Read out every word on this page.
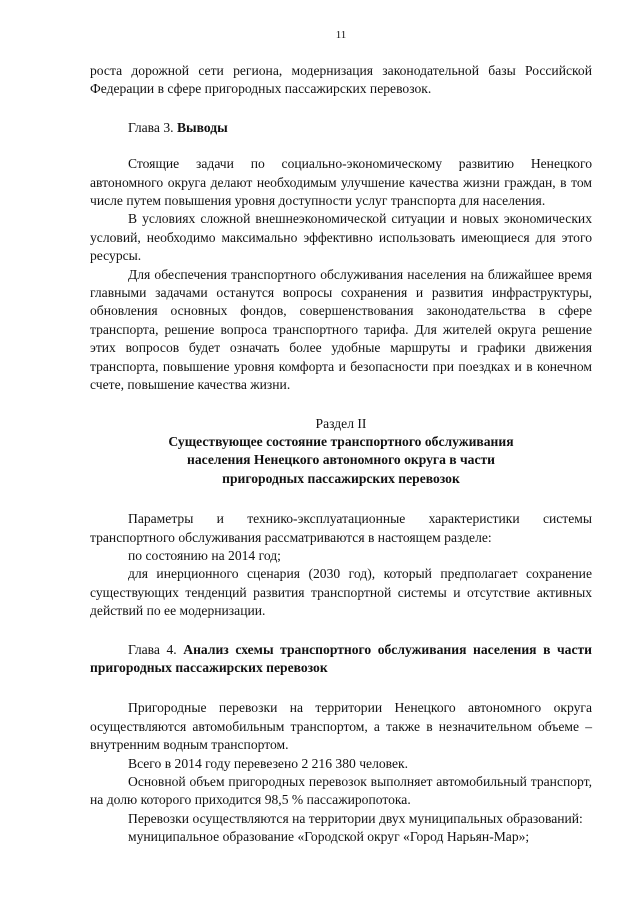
11

роста дорожной сети региона, модернизация законодательной базы Российской Федерации в сфере пригородных пассажирских перевозок.

Глава 3. Выводы

Стоящие задачи по социально-экономическому развитию Ненецкого автономного округа делают необходимым улучшение качества жизни граждан, в том числе путем повышения уровня доступности услуг транспорта для населения.

В условиях сложной внешнеэкономической ситуации и новых экономических условий, необходимо максимально эффективно использовать имеющиеся для этого ресурсы.

Для обеспечения транспортного обслуживания населения на ближайшее время главными задачами останутся вопросы сохранения и развития инфраструктуры, обновления основных фондов, совершенствования законодательства в сфере транспорта, решение вопроса транспортного тарифа. Для жителей округа решение этих вопросов будет означать более удобные маршруты и графики движения транспорта, повышение уровня комфорта и безопасности при поездках и в конечном счете, повышение качества жизни.

Раздел II
Существующее состояние транспортного обслуживания
населения Ненецкого автономного округа в части
пригородных пассажирских перевозок

Параметры и технико-эксплуатационные характеристики системы транспортного обслуживания рассматриваются в настоящем разделе:

по состоянию на 2014 год;

для инерционного сценария (2030 год), который предполагает сохранение существующих тенденций развития транспортной системы и отсутствие активных действий по ее модернизации.

Глава 4. Анализ схемы транспортного обслуживания населения в части пригородных пассажирских перевозок

Пригородные перевозки на территории Ненецкого автономного округа осуществляются автомобильным транспортом, а также в незначительном объеме – внутренним водным транспортом.

Всего в 2014 году перевезено 2 216 380 человек.

Основной объем пригородных перевозок выполняет автомобильный транспорт, на долю которого приходится 98,5 % пассажиропотока.

Перевозки осуществляются на территории двух муниципальных образований:

муниципальное образование «Городской округ «Город Нарьян-Мар»;
